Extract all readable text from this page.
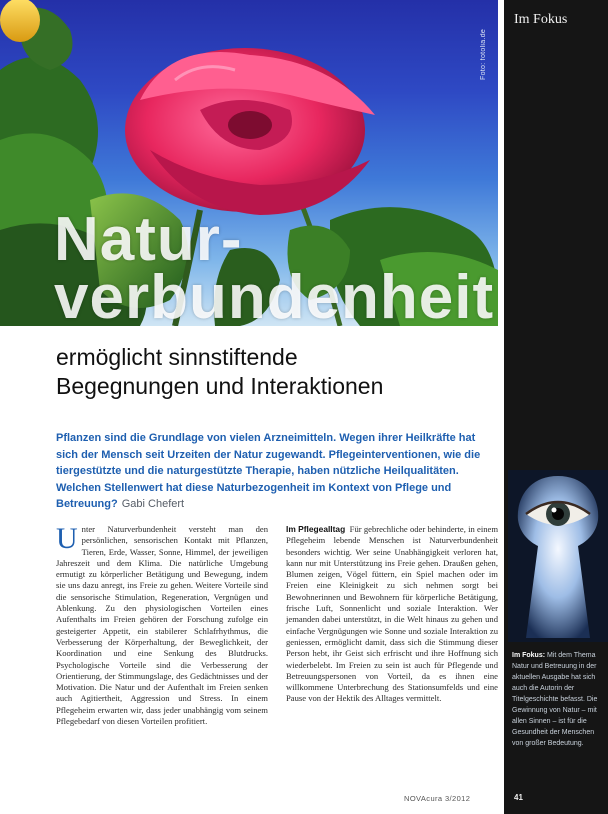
Foto: fotolia.de
Natur-
verbundenheit
Im Fokus
Im Fokus: Mit dem Thema Natur und Betreuung in der aktuellen Ausgabe hat sich auch die Autorin der Titelgeschichte befasst. Die Gewinnung von Natur – mit allen Sinnen – ist für die Gesundheit der Menschen von großer Bedeutung.
41
ermöglicht sinnstiftende
Begegnungen und Interaktionen
Pflanzen sind die Grundlage von vielen Arzneimitteln. Wegen ihrer Heilkräfte hat sich der Mensch seit Urzeiten der Natur zugewandt. Pflegeinterventionen, wie die tiergestützte und die naturgestützte Therapie, haben nützliche Heilqualitäten. Welchen Stellenwert hat diese Naturbezogenheit im Kontext von Pflege und Betreuung? Gabi Chefert
Unter Naturverbundenheit versteht man den persönlichen, sensorischen Kontakt mit Pflanzen, Tieren, Erde, Wasser, Sonne, Himmel, der jeweiligen Jahreszeit und dem Klima. Die natürliche Umgebung ermutigt zu körperlicher Betätigung und Bewegung, indem sie uns dazu anregt, ins Freie zu gehen. Weitere Vorteile sind die sensorische Stimulation, Regeneration, Vergnügen und Ablenkung. Zu den physiologischen Vorteilen eines Aufenthalts im Freien gehören der Forschung zufolge ein gesteigerter Appetit, ein stabilerer Schlafrhythmus, die Verbesserung der Körperhaltung, der Beweglichkeit, der Koordination und eine Senkung des Blutdrucks. Psychologische Vorteile sind die Verbesserung der Orientierung, der Stimmungslage, des Gedächtnisses und der Motivation. Die Natur und der Aufenthalt im Freien senken auch Agitiertheit, Aggression und Stress. In einem Pflegeheim erwarten wir, dass jeder unabhängig vom seinem Pflegebedarf von diesen Vorteilen profitiert.
Im Pflegealltag Für gebrechliche oder behinderte, in einem Pflegeheim lebende Menschen ist Naturverbundenheit besonders wichtig. Wer seine Unabhängigkeit verloren hat, kann nur mit Unterstützung ins Freie gehen. Draußen gehen, Blumen zeigen, Vögel füttern, ein Spiel machen oder im Freien eine Kleinigkeit zu sich nehmen sorgt bei Bewohnerinnen und Bewohnern für körperliche Betätigung, frische Luft, Sonnenlicht und soziale Interaktion. Wer jemanden dabei unterstützt, in die Welt hinaus zu gehen und einfache Vergnügungen wie Sonne und soziale Interaktion zu geniessen, ermöglicht damit, dass sich die Stimmung dieser Person hebt, ihr Geist sich erfrischt und ihre Hoffnung sich wiederbelebt. Im Freien zu sein ist auch für Pflegende und Betreuungspersonen von Vorteil, da es ihnen eine willkommene Unterbrechung des Stationsumfelds und eine Pause von der Hektik des Alltages vermittelt.
NOVAcura 3/2012
